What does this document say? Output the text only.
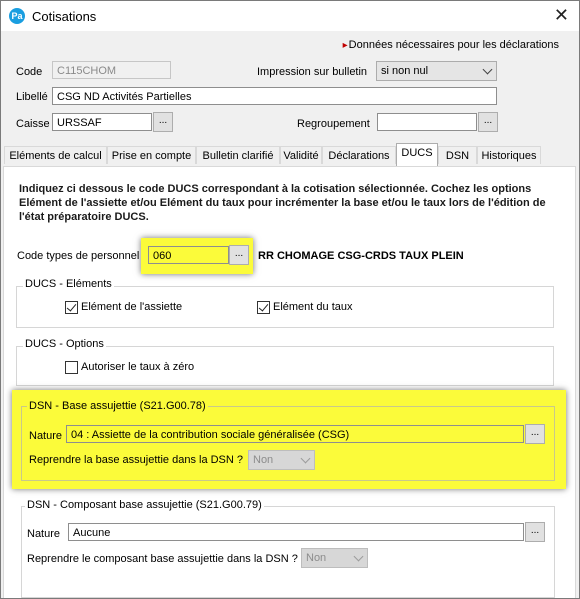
Pa Cotisations	✕
▸ Données nécessaires pour les déclarations
Code	C115CHOM	Impression sur bulletin	si non nul
Libellé CSG ND Activités Partielles
Caisse URSSAF	...	Regroupement	...
Eléments de calcul Prise en compte	Bulletin clarifié Validité Déclarations	DUCS	DSN	Historiques
Indiquez ci dessous le code DUCS correspondant à la cotisation sélectionnée. Cochez les options Elément de l'assiette et/ou Elément du taux pour incrémenter la base et/ou le taux lors de l'édition de l'état préparatoire DUCS.
Code types de personnel	060	...	RR CHOMAGE CSG-CRDS TAUX PLEIN
DUCS - Eléments
Elément de l'assiette	Elément du taux
DUCS - Options
Autoriser le taux à zéro
DSN - Base assujettie (S21.G00.78)
Nature 04 : Assiette de la contribution sociale généralisée (CSG)	...
Reprendre la base assujettie dans la DSN ? Non
DSN - Composant base assujettie (S21.G00.79)
Nature	Aucune	...
Reprendre le composant base assujettie dans la DSN ? Non
